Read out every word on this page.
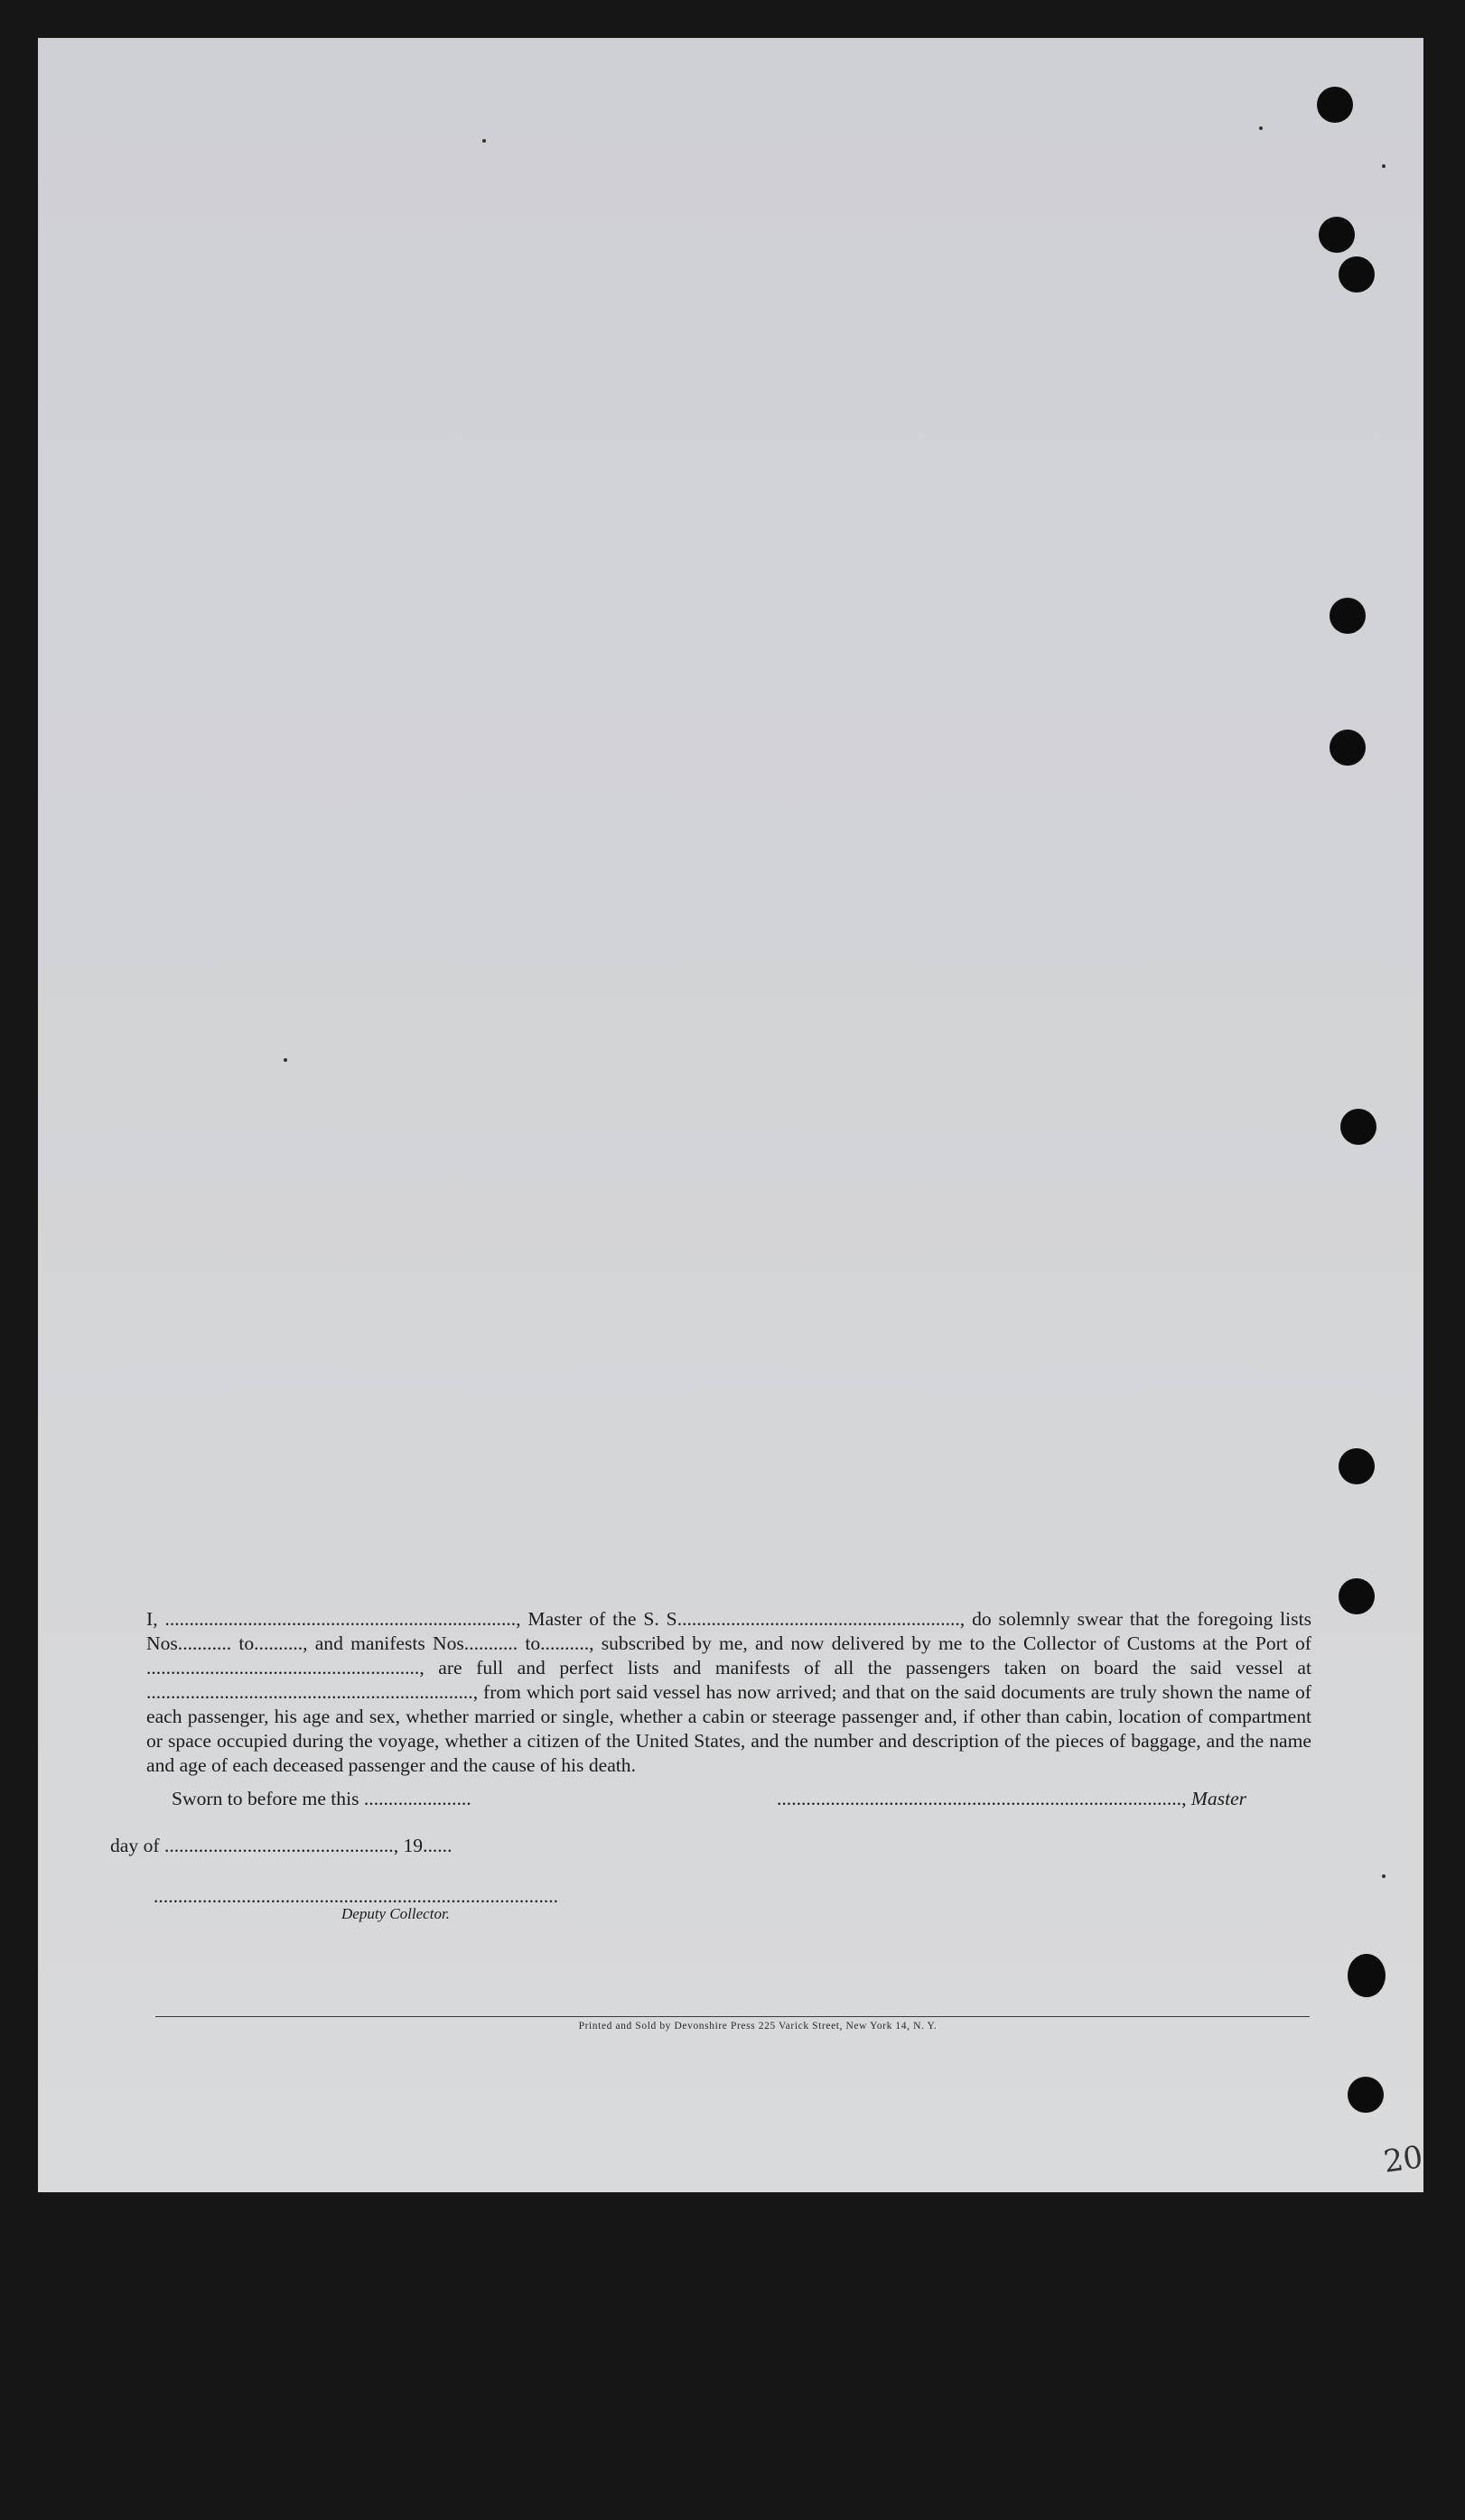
I, ........................................................................, Master of the S. S.........................................................., do solemnly swear that the foregoing lists Nos........... to.........., and manifests Nos........... to.........., subscribed by me, and now delivered by me to the Collector of Customs at the Port of ........................................................, are full and perfect lists and manifests of all the passengers taken on board the said vessel at ..................................................................., from which port said vessel has now arrived; and that on the said documents are truly shown the name of each passenger, his age and sex, whether married or single, whether a cabin or steerage passenger and, if other than cabin, location of compartment or space occupied during the voyage, whether a citizen of the United States, and the number and description of the pieces of baggage, and the name and age of each deceased passenger and the cause of his death.

Sworn to before me this ......................	..................................................................................., Master
day of ..............................................., 19......
...................................................................................
Deputy Collector.
Printed and Sold by Devonshire Press 225 Varick Street, New York 14, N. Y.
20
